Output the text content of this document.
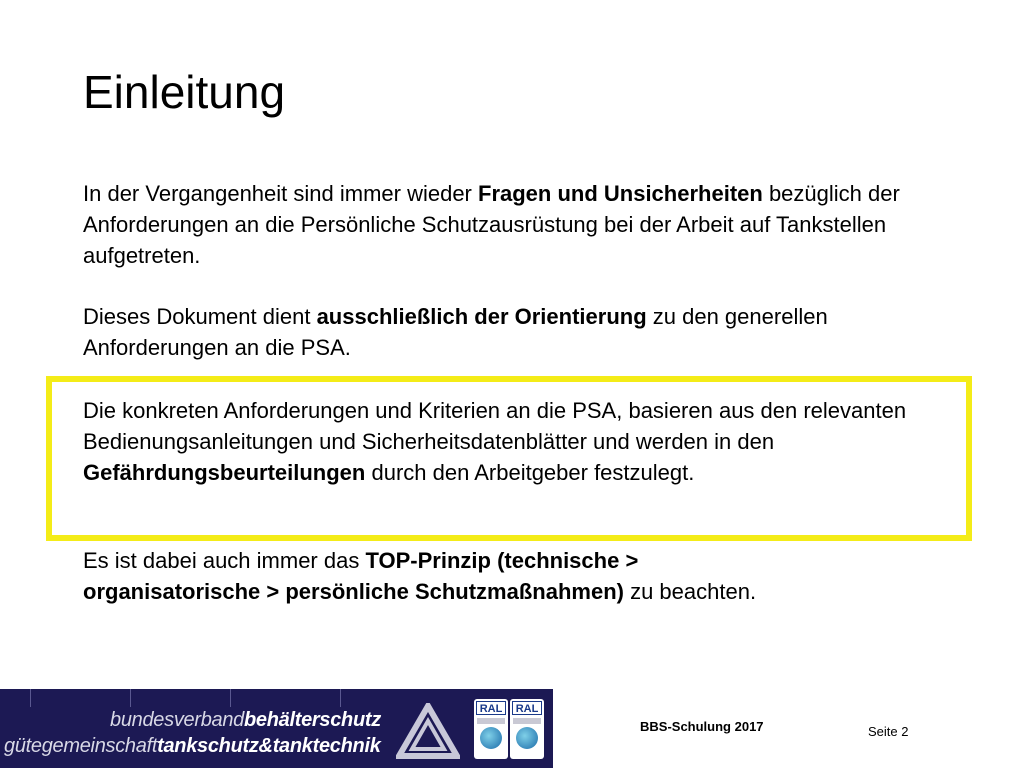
Einleitung
In der Vergangenheit sind immer wieder Fragen und Unsicherheiten bezüglich der Anforderungen an die Persönliche Schutzausrüstung bei der Arbeit auf Tankstellen aufgetreten.
Dieses Dokument dient ausschließlich der Orientierung zu den generellen Anforderungen an die PSA.
Die konkreten Anforderungen und Kriterien an die PSA, basieren aus den relevanten Bedienungsanleitungen und Sicherheitsdatenblätter und werden in den Gefährdungsbeurteilungen durch den Arbeitgeber festzulegt.
Es ist dabei auch immer das TOP-Prinzip (technische > organisatorische > persönliche Schutzmaßnahmen) zu beachten.
bundesverbandbehälterschutz
gütegemeinschafttankschutz&tanktechnik
RAL	RAL
BBS-Schulung 2017	Seite 2
